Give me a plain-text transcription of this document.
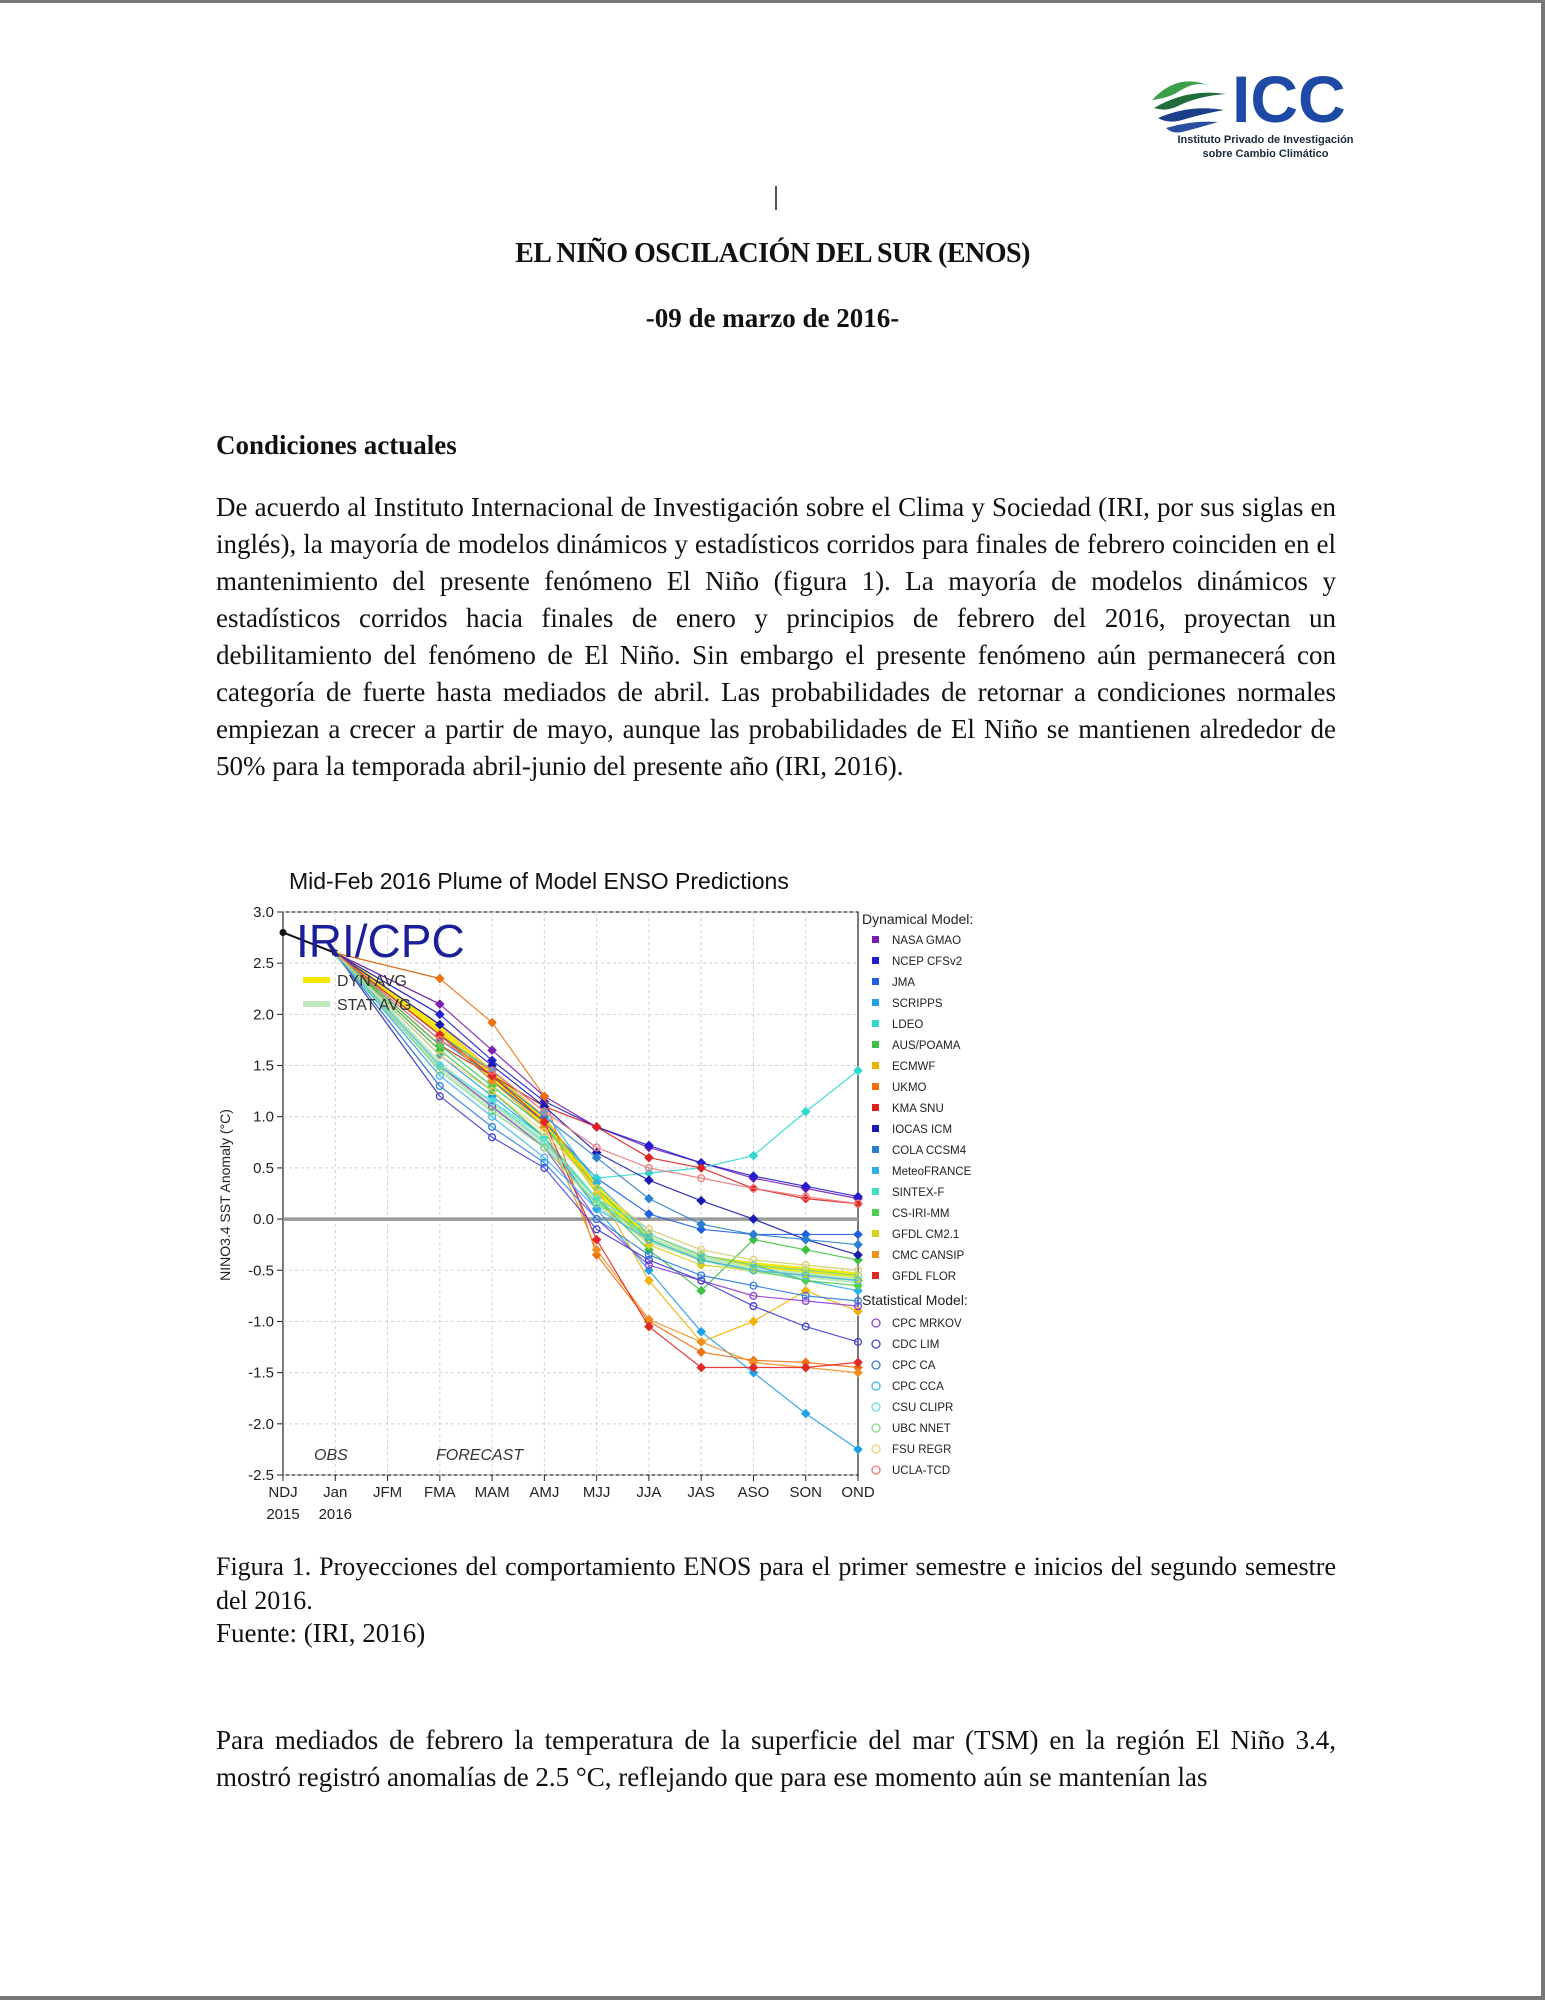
ICC
Instituto Privado de Investigación
sobre Cambio Climático
EL NIÑO OSCILACIÓN DEL SUR (ENOS)
-09 de marzo de 2016-
Condiciones actuales
De acuerdo al Instituto Internacional de Investigación sobre el Clima y Sociedad (IRI, por sus siglas en inglés), la mayoría de modelos dinámicos y estadísticos corridos para finales de febrero coinciden en el mantenimiento del presente fenómeno El Niño (figura 1). La mayoría de modelos dinámicos y estadísticos corridos hacia finales de enero y principios de febrero del 2016, proyectan un debilitamiento del fenómeno de El Niño. Sin embargo el presente fenómeno aún permanecerá con categoría de fuerte hasta mediados de abril. Las probabilidades de retornar a condiciones normales empiezan a crecer a partir de mayo, aunque las probabilidades de El Niño se mantienen alrededor de 50% para la temporada abril-junio del presente año (IRI, 2016).
Mid-Feb 2016 Plume of Model ENSO Predictions
NDJ Jan JFM FMA MAM AMJ MJJ JJA JAS ASO SON OND
2015 2016
3.0
2.5
2.0
1.5
1.0
0.5
0.0
-0.5
-1.0
-1.5
-2.0
-2.5
IRI/CPC
DYN AVG
STAT AVG
OBS	FORECAST
NINO3.4 SST Anomaly (°C)
Dynamical Model:
NASA GMAO
NCEP CFSv2
JMA
SCRIPPS
LDEO
AUS/POAMA
ECMWF
UKMO
KMA SNU
IOCAS ICM
COLA CCSM4
MeteoFRANCE
SINTEX-F
CS-IRI-MM
GFDL CM2.1
CMC CANSIP
GFDL FLOR
Statistical Model:
CPC MRKOV
CDC LIM
CPC CA
CPC CCA
CSU CLIPR
UBC NNET
FSU REGR
UCLA-TCD
Figura 1. Proyecciones del comportamiento ENOS para el primer semestre e inicios del segundo semestre del 2016.
Fuente: (IRI, 2016)
Para mediados de febrero la temperatura de la superficie del mar (TSM) en la región El Niño 3.4, mostró registró anomalías de 2.5 °C, reflejando que para ese momento aún se mantenían las
